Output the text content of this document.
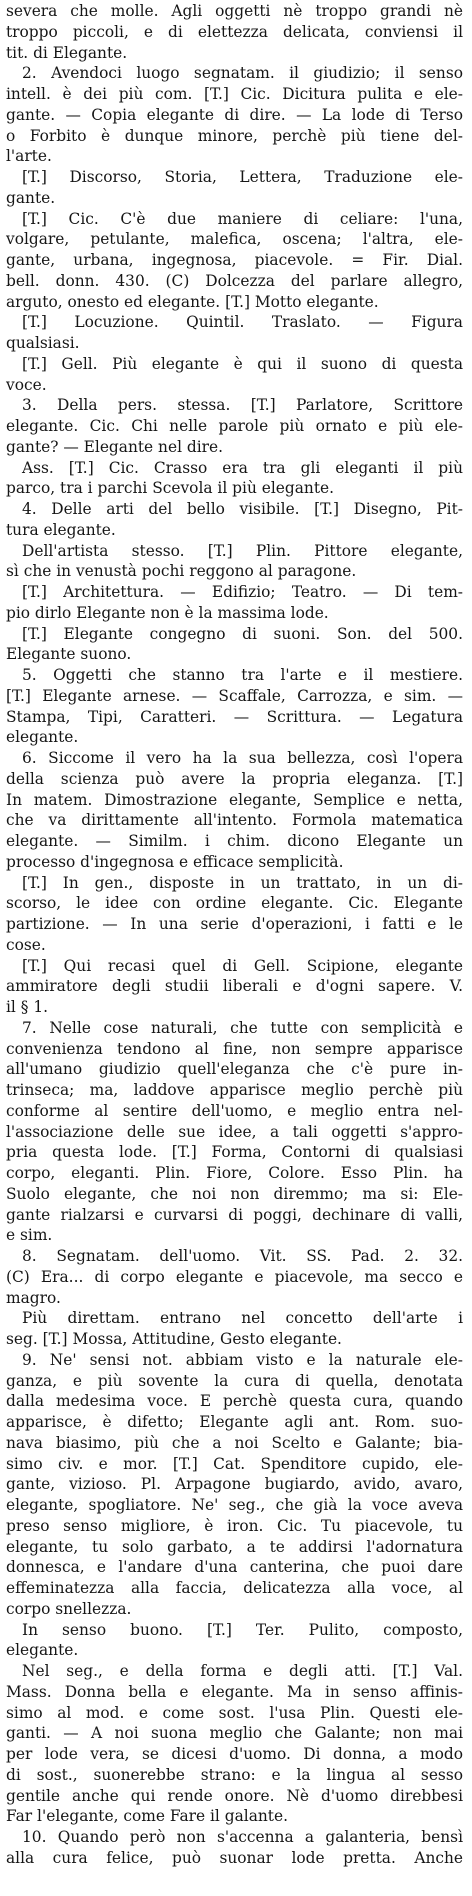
severa che molle. Agli oggetti nè troppo grandi nè
troppo piccoli, e di elettezza delicata, conviensi il
tit. di Elegante.
2. Avendoci luogo segnatam. il giudizio; il senso
intell. è dei più com. [T.] Cic. Dicitura pulita e ele-
gante. — Copia elegante di dire. — La lode di Terso
o Forbito è dunque minore, perchè più tiene del-
l'arte.
[T.] Discorso, Storia, Lettera, Traduzione ele-
gante.
[T.] Cic. C'è due maniere di celiare: l'una,
volgare, petulante, malefica, oscena; l'altra, ele-
gante, urbana, ingegnosa, piacevole. = Fir. Dial.
bell. donn. 430. (C) Dolcezza del parlare allegro,
arguto, onesto ed elegante. [T.] Motto elegante.
[T.] Locuzione. Quintil. Traslato. — Figura
qualsiasi.
[T.] Gell. Più elegante è qui il suono di questa
voce.
3. Della pers. stessa. [T.] Parlatore, Scrittore
elegante. Cic. Chi nelle parole più ornato e più ele-
gante? — Elegante nel dire.
Ass. [T.] Cic. Crasso era tra gli eleganti il più
parco, tra i parchi Scevola il più elegante.
4. Delle arti del bello visibile. [T.] Disegno, Pit-
tura elegante.
Dell'artista stesso. [T.] Plin. Pittore elegante,
sì che in venustà pochi reggono al paragone.
[T.] Architettura. — Edifizio; Teatro. — Di tem-
pio dirlo Elegante non è la massima lode.
[T.] Elegante congegno di suoni. Son. del 500.
Elegante suono.
5. Oggetti che stanno tra l'arte e il mestiere.
[T.] Elegante arnese. — Scaffale, Carrozza, e sim. —
Stampa, Tipi, Caratteri. — Scrittura. — Legatura
elegante.
6. Siccome il vero ha la sua bellezza, così l'opera
della scienza può avere la propria eleganza. [T.]
In matem. Dimostrazione elegante, Semplice e netta,
che va dirittamente all'intento. Formola matematica
elegante. — Similm. i chim. dicono Elegante un
processo d'ingegnosa e efficace semplicità.
[T.] In gen., disposte in un trattato, in un di-
scorso, le idee con ordine elegante. Cic. Elegante
partizione. — In una serie d'operazioni, i fatti e le
cose.
[T.] Qui recasi quel di Gell. Scipione, elegante
ammiratore degli studii liberali e d'ogni sapere. V.
il § 1.
7. Nelle cose naturali, che tutte con semplicità e
convenienza tendono al fine, non sempre apparisce
all'umano giudizio quell'eleganza che c'è pure in-
trinseca; ma, laddove apparisce meglio perchè più
conforme al sentire dell'uomo, e meglio entra nel-
l'associazione delle sue idee, a tali oggetti s'appro-
pria questa lode. [T.] Forma, Contorni di qualsiasi
corpo, eleganti. Plin. Fiore, Colore. Esso Plin. ha
Suolo elegante, che noi non diremmo; ma si: Ele-
gante rialzarsi e curvarsi di poggi, dechinare di valli,
e sim.
8. Segnatam. dell'uomo. Vit. SS. Pad. 2. 32.
(C) Era... di corpo elegante e piacevole, ma secco e
magro.
Più direttam. entrano nel concetto dell'arte i
seg. [T.] Mossa, Attitudine, Gesto elegante.
9. Ne' sensi not. abbiam visto e la naturale ele-
ganza, e più sovente la cura di quella, denotata
dalla medesima voce. E perchè questa cura, quando
apparisce, è difetto; Elegante agli ant. Rom. suo-
nava biasimo, più che a noi Scelto e Galante; bia-
simo civ. e mor. [T.] Cat. Spenditore cupido, ele-
gante, vizioso. Pl. Arpagone bugiardo, avido, avaro,
elegante, spogliatore. Ne' seg., che già la voce aveva
preso senso migliore, è iron. Cic. Tu piacevole, tu
elegante, tu solo garbato, a te addirsi l'adornatura
donnesca, e l'andare d'una canterina, che puoi dare
effeminatezza alla faccia, delicatezza alla voce, al
corpo snellezza.
In senso buono. [T.] Ter. Pulito, composto,
elegante.
Nel seg., e della forma e degli atti. [T.] Val.
Mass. Donna bella e elegante. Ma in senso affinis-
simo al mod. e come sost. l'usa Plin. Questi ele-
ganti. — A noi suona meglio che Galante; non mai
per lode vera, se dicesi d'uomo. Di donna, a modo
di sost., suonerebbe strano: e la lingua al sesso
gentile anche qui rende onore. Nè d'uomo direbbesi
Far l'elegante, come Fare il galante.
10. Quando però non s'accenna a galanteria, bensì
alla cura felice, può suonar lode pretta. Anche
